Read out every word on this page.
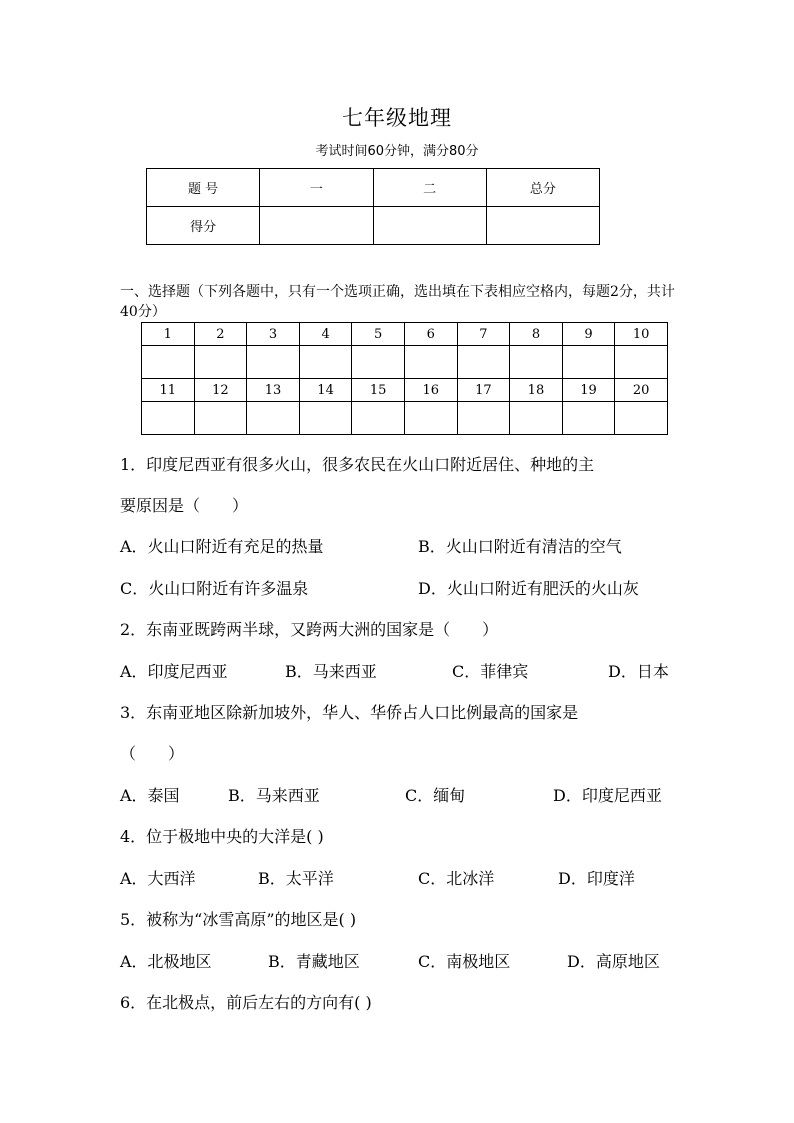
七年级地理
考试时间60分钟，满分80分
题 号	一	二	总分
得分			
一、选择题（下列各题中，只有一个选项正确，选出填在下表相应空格内，每题2分，共计40分）
1	2	3	4	5	6	7	8	9	10

11	12	13	14	15	16	17	18	19	20

1．印度尼西亚有很多火山，很多农民在火山口附近居住、种地的主
要原因是（　　）
A．火山口附近有充足的热量	B．火山口附近有清洁的空气
C．火山口附近有许多温泉	D．火山口附近有肥沃的火山灰
2．东南亚既跨两半球，又跨两大洲的国家是（　　）
A．印度尼西亚	B．马来西亚	C．菲律宾	D．日本
3．东南亚地区除新加坡外，华人、华侨占人口比例最高的国家是
（　　）
A．泰国	B．马来西亚	C．缅甸	D．印度尼西亚
4．位于极地中央的大洋是( )
A．大西洋	B．太平洋	C．北冰洋	D．印度洋
5．被称为“冰雪高原”的地区是( )
A．北极地区	B．青藏地区	C．南极地区	D．高原地区
6．在北极点，前后左右的方向有( )
